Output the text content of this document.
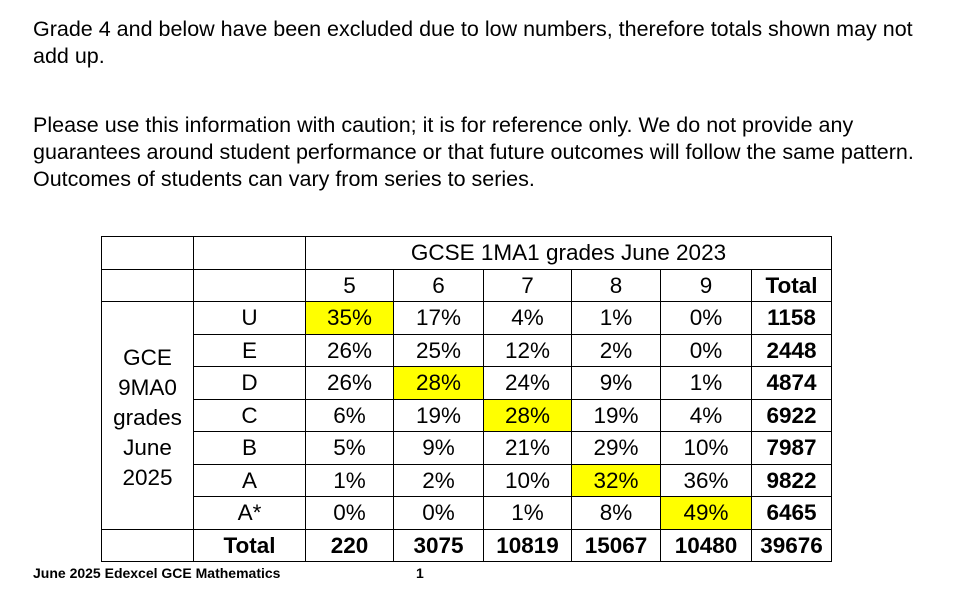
Grade 4 and below have been excluded due to low numbers, therefore totals shown may not add up.

Please use this information with caution; it is for reference only. We do not provide any guarantees around student performance or that future outcomes will follow the same pattern. Outcomes of students can vary from series to series.

		GCSE 1MA1 grades June 2023					
		5	6	7	8	9	Total

GCE
9MA0
grades
June
2025	U	35%	17%	4%	1%	0%	1158
	E	26%	25%	12%	2%	0%	2448
	D	26%	28%	24%	9%	1%	4874
	C	6%	19%	28%	19%	4%	6922
	B	5%	9%	21%	29%	10%	7987
	A	1%	2%	10%	32%	36%	9822
	A*	0%	0%	1%	8%	49%	6465
	Total	220	3075	10819	15067	10480	39676
June 2025 Edexcel GCE Mathematics	1
